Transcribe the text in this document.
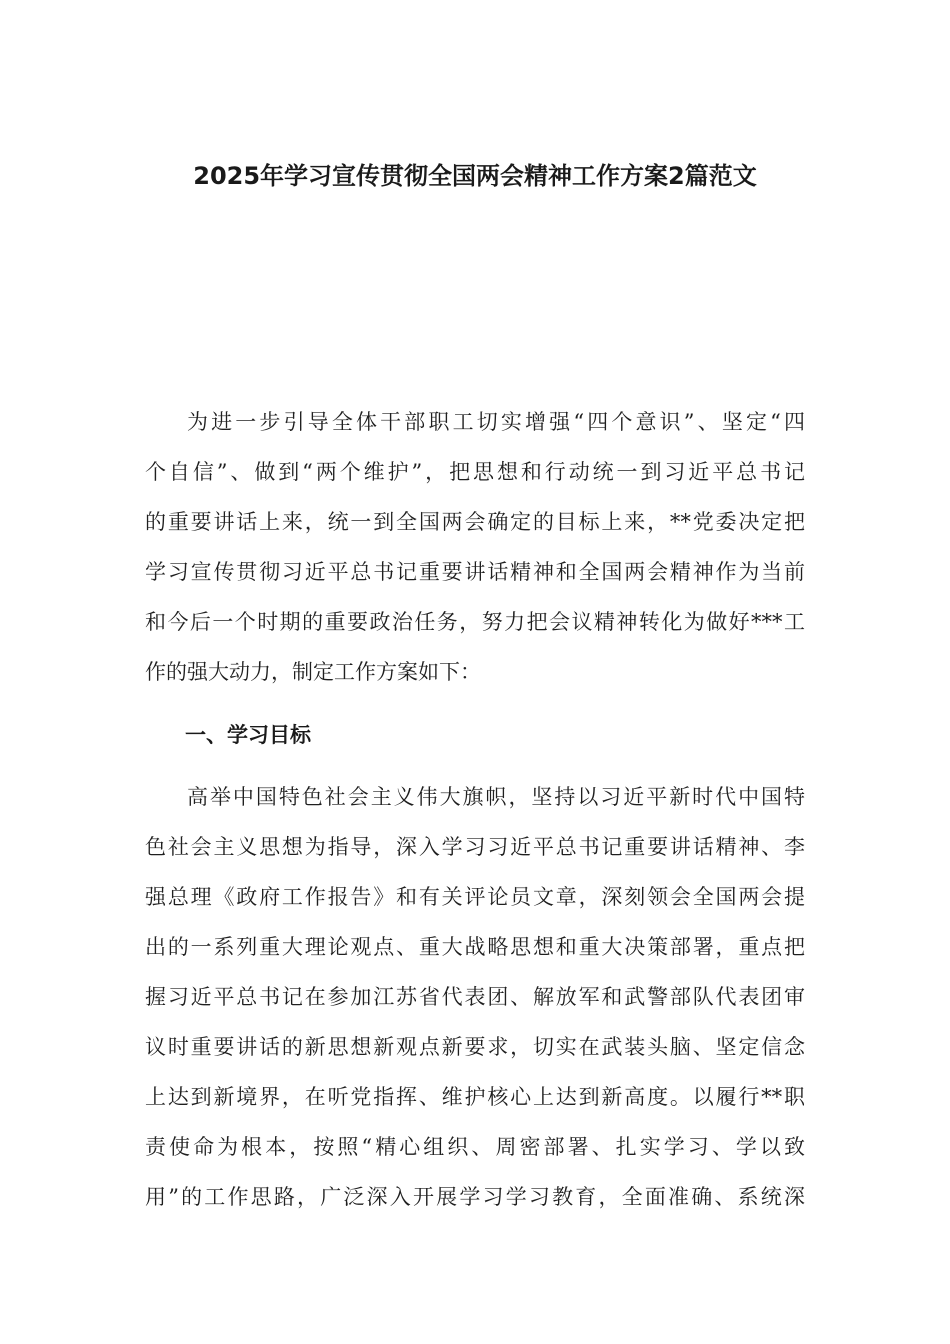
2025年学习宣传贯彻全国两会精神工作方案2篇范文
为进一步引导全体干部职工切实增强“四个意识”、坚定“四
个自信”、做到“两个维护”，把思想和行动统一到习近平总书记
的重要讲话上来，统一到全国两会确定的目标上来，**党委决定把
学习宣传贯彻习近平总书记重要讲话精神和全国两会精神作为当前
和今后一个时期的重要政治任务，努力把会议精神转化为做好***工
作的强大动力，制定工作方案如下：
一、学习目标
高举中国特色社会主义伟大旗帜，坚持以习近平新时代中国特
色社会主义思想为指导，深入学习习近平总书记重要讲话精神、李
强总理《政府工作报告》和有关评论员文章，深刻领会全国两会提
出的一系列重大理论观点、重大战略思想和重大决策部署，重点把
握习近平总书记在参加江苏省代表团、解放军和武警部队代表团审
议时重要讲话的新思想新观点新要求，切实在武装头脑、坚定信念
上达到新境界，在听党指挥、维护核心上达到新高度。以履行**职
责使命为根本，按照“精心组织、周密部署、扎实学习、学以致
用”的工作思路，广泛深入开展学习学习教育，全面准确、系统深
